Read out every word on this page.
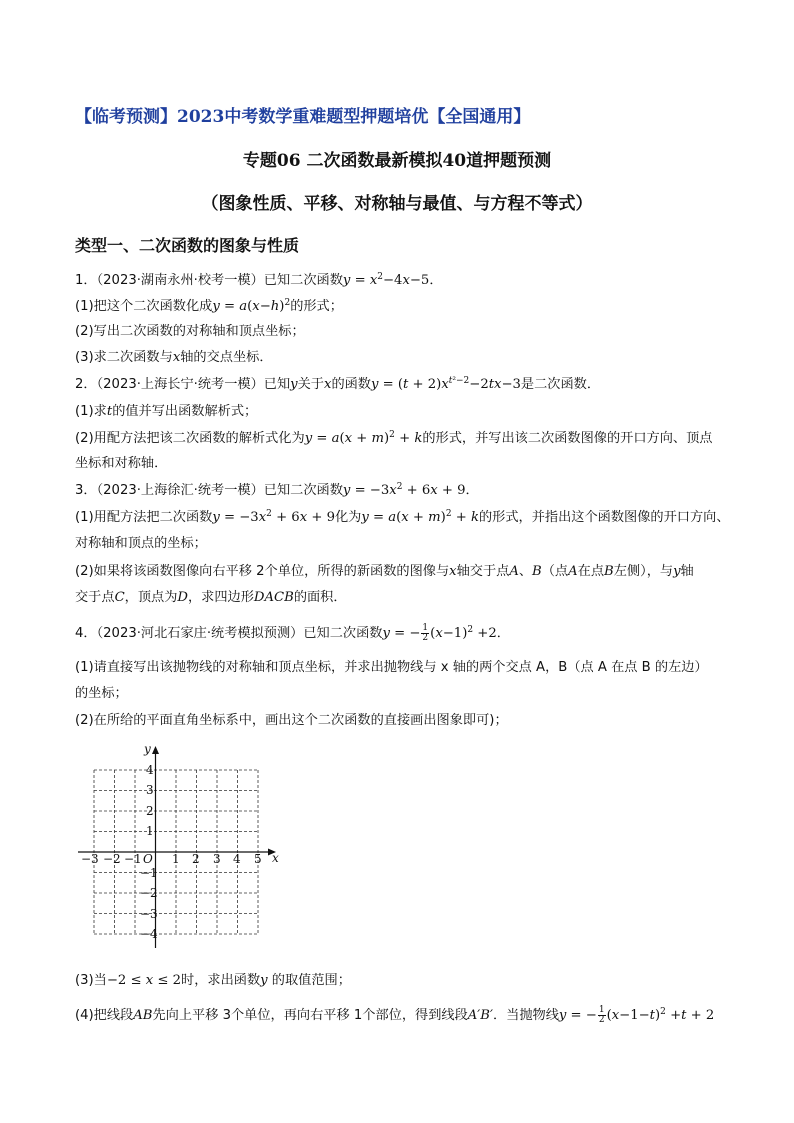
【临考预测】2023中考数学重难题型押题培优【全国通用】
专题06 二次函数最新模拟40道押题预测
（图象性质、平移、对称轴与最值、与方程不等式）
类型一、二次函数的图象与性质
1．（2023·湖南永州·校考一模）已知二次函数$y = x^2-4x-5$．
(1)把这个二次函数化成$y = a(x-h)^2$的形式；
(2)写出二次函数的对称轴和顶点坐标；
(3)求二次函数与x轴的交点坐标．
2．（2023·上海长宁·统考一模）已知y关于x的函数$y = (t + 2)x^{t^2-2}-2tx-3$是二次函数．
(1)求t的值并写出函数解析式；
(2)用配方法把该二次函数的解析式化为$y = a(x + m)^2 + k$的形式，并写出该二次函数图像的开口方向、顶点
坐标和对称轴．
3．（2023·上海徐汇·统考一模）已知二次函数$y = -3x^2 + 6x + 9$．
(1)用配方法把二次函数$y = -3x^2 + 6x + 9$化为$y = a(x + m)^2 + k$的形式，并指出这个函数图像的开口方向、
对称轴和顶点的坐标；
(2)如果将该函数图像向右平移 2个单位，所得的新函数的图像与x轴交于点A、B（点A在点B左侧），与y轴
交于点C，顶点为D，求四边形DACB的面积．
4．（2023·河北石家庄·统考模拟预测）已知二次函数y = − $\frac{1}{2} (x-1)^2 +2$．
(1)请直接写出该抛物线的对称轴和顶点坐标，并求出抛物线与 x 轴的两个交点 A，B（点 A 在点 B 的左边）
的坐标；
(2)在所给的平面直角坐标系中，画出这个二次函数的直接画出图象即可)；
x
y
O
−3 −2 −1	1 2 3 4 5
4
3
2
1
−1
−2
−3
−4
(3)当−2 ≤ x ≤ 2时，求出函数y 的取值范围；
(4)把线段AB先向上平移 3个单位，再向右平移 1个部位，得到线段A′B′．当抛物线y = − $\frac{1}{2} (x-1-t)^2 +t + 2$
